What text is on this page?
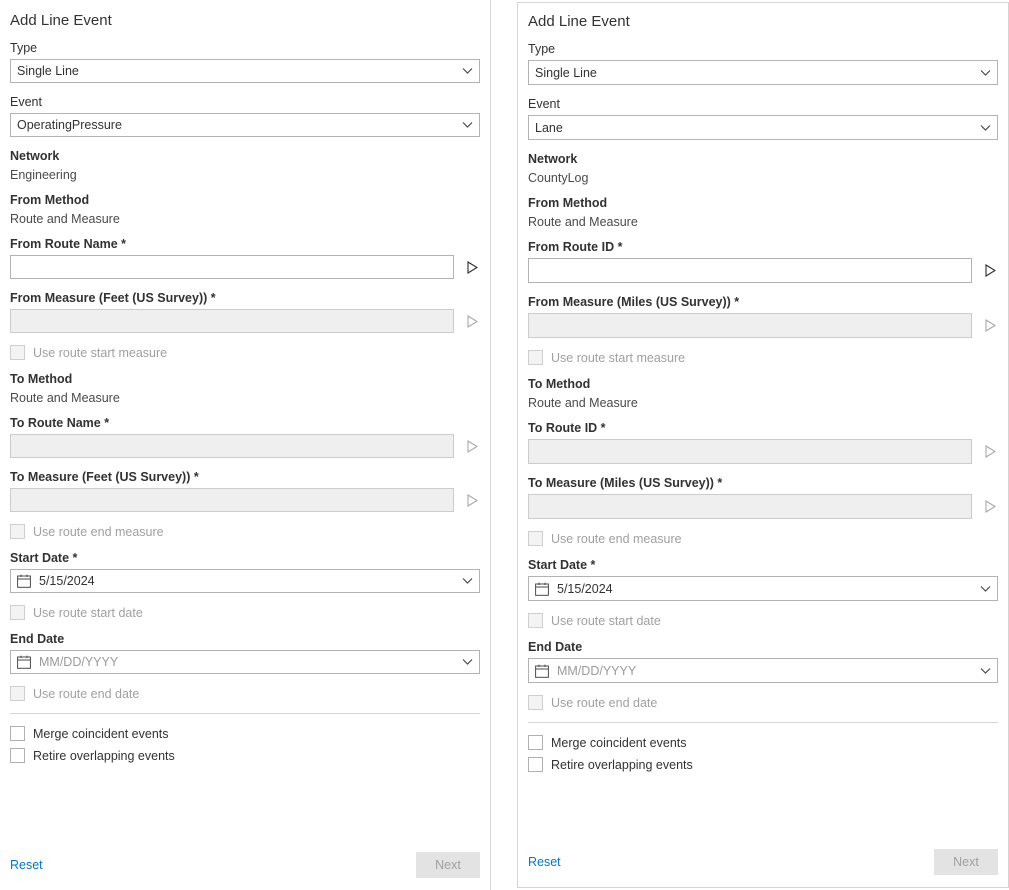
Add Line Event
Type
Single Line
Event
OperatingPressure
Network
Engineering
From Method
Route and Measure
From Route Name *
From Measure (Feet (US Survey)) *
Use route start measure
To Method
Route and Measure
To Route Name *
To Measure (Feet (US Survey)) *
Use route end measure
Start Date *
5/15/2024
Use route start date
End Date
MM/DD/YYYY
Use route end date
Merge coincident events
Retire overlapping events
Reset	Next
Add Line Event
Type
Single Line
Event
Lane
Network
CountyLog
From Method
Route and Measure
From Route ID *
From Measure (Miles (US Survey)) *
Use route start measure
To Method
Route and Measure
To Route ID *
To Measure (Miles (US Survey)) *
Use route end measure
Start Date *
5/15/2024
Use route start date
End Date
MM/DD/YYYY
Use route end date
Merge coincident events
Retire overlapping events
Reset	Next
